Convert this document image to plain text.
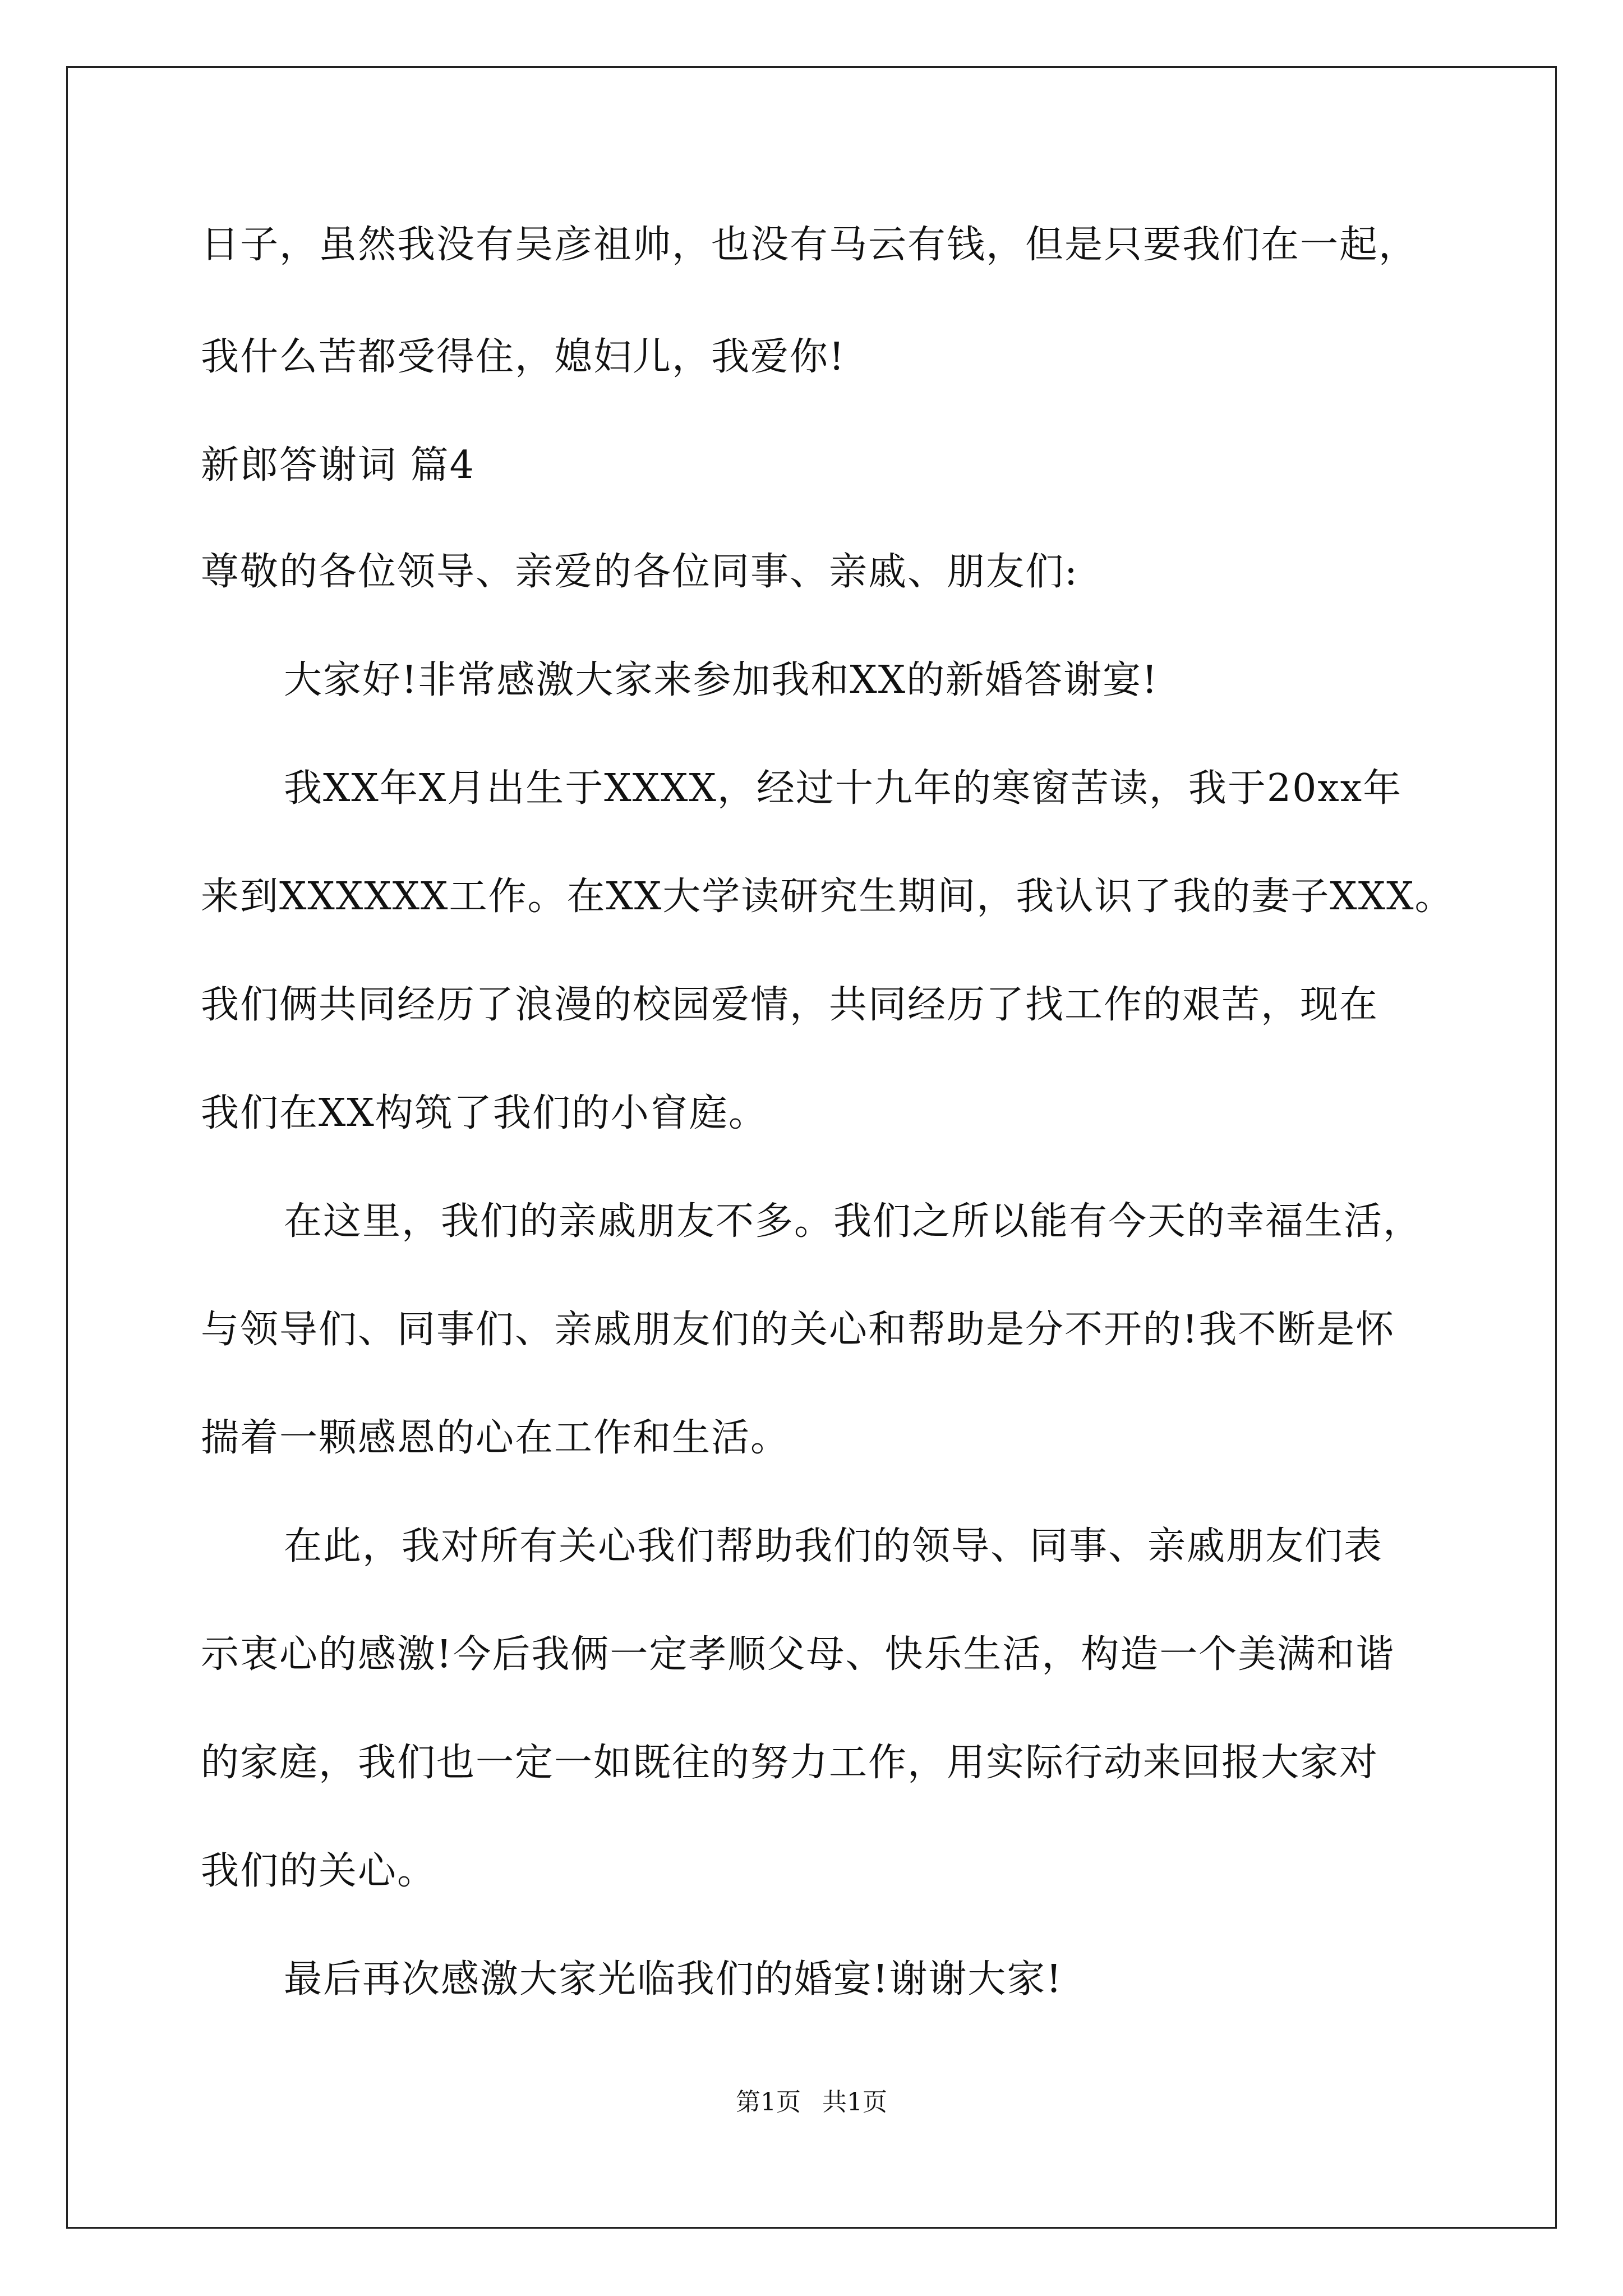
日子，虽然我没有吴彦祖帅，也没有马云有钱，但是只要我们在一起，
我什么苦都受得住，媳妇儿，我爱你!
新郎答谢词 篇4
尊敬的各位领导、亲爱的各位同事、亲戚、朋友们:
大家好!非常感激大家来参加我和XX的新婚答谢宴!
我XX年X月出生于XXXX，经过十九年的寒窗苦读，我于20xx年
来到XXXXXX工作。在XX大学读研究生期间，我认识了我的妻子XXX。
我们俩共同经历了浪漫的校园爱情，共同经历了找工作的艰苦，现在
我们在XX构筑了我们的小窅庭。
在这里，我们的亲戚朋友不多。我们之所以能有今天的幸福生活，
与领导们、同事们、亲戚朋友们的关心和帮助是分不开的!我不断是怀
揣着一颗感恩的心在工作和生活。
在此，我对所有关心我们帮助我们的领导、同事、亲戚朋友们表
示衷心的感激!今后我俩一定孝顺父母、快乐生活，构造一个美满和谐
的家庭，我们也一定一如既往的努力工作，用实际行动来回报大家对
我们的关心。
最后再次感激大家光临我们的婚宴!谢谢大家!
第1页 共1页
